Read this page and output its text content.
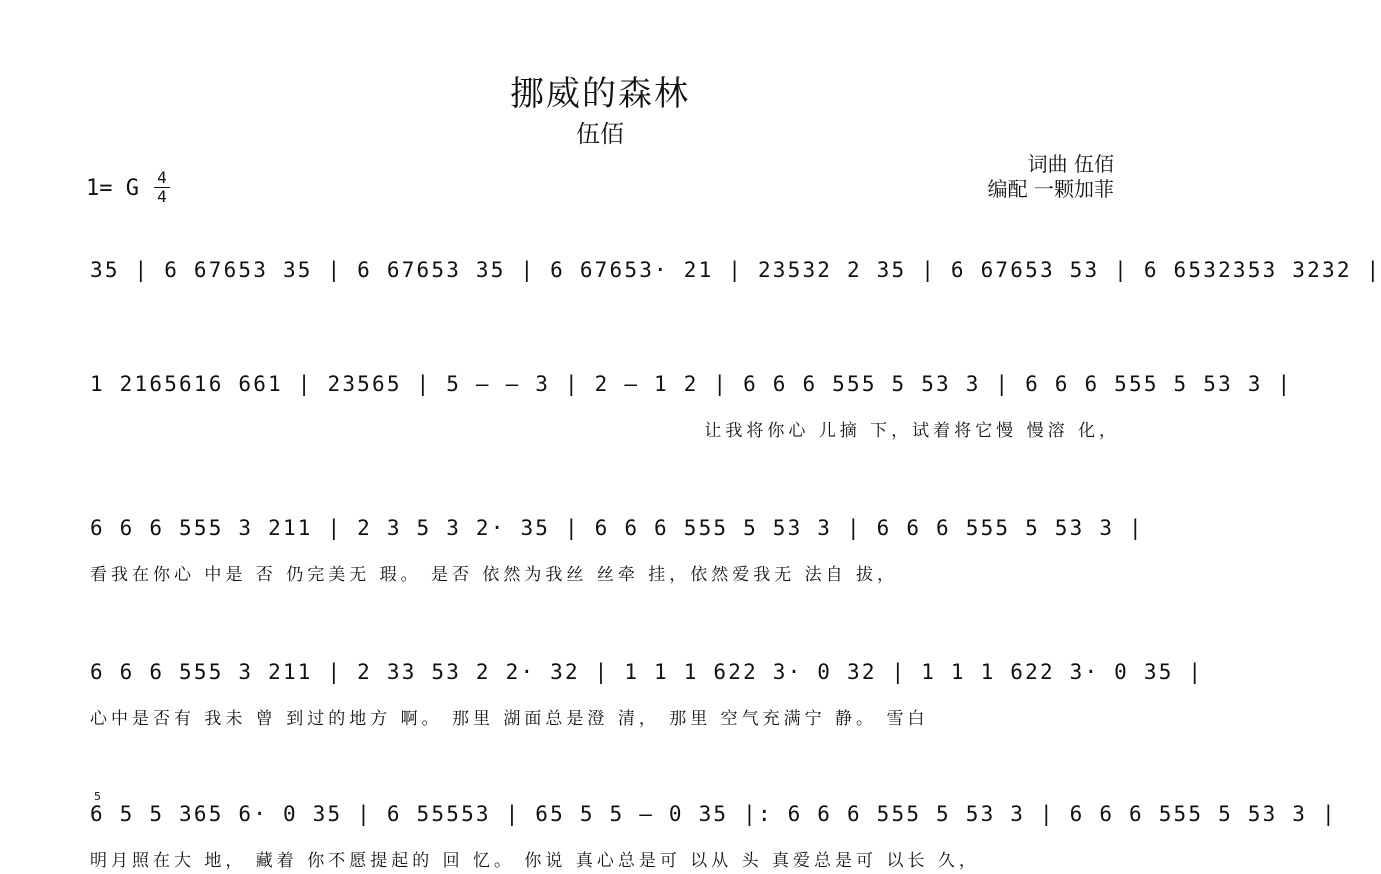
挪威的森林
伍佰
词曲 伍佰
编配 一颗加菲
1= G	4
4
35 | 6 67653 35 | 6 67653 35 | 6 67653· 21 | 23532 2 35 | 6 67653 53 | 6 6532353 3232 |
1 2165616 661 | 23565 | 5 — — 3 | 2 — 1 2 | 6 6 6 555 5 53 3 | 6 6 6 555 5 53 3 |
让我将你心 儿摘 下，试着将它慢 慢溶 化，
6 6 6 555 3 211 | 2 3 5 3 2· 35 | 6 6 6 555 5 53 3 | 6 6 6 555 5 53 3 |
看我在你心 中是 否 仍完美无 瑕。 是否 依然为我丝 丝牵 挂，依然爱我无 法自 拔，
6 6 6 555 3 211 | 2 33 53 2 2· 32 | 1 1 1 622 3· 0 32 | 1 1 1 622 3· 0 35 |
心中是否有 我未 曾 到过的地方 啊。 那里 湖面总是澄 清， 那里 空气充满宁 静。 雪白
5
6 5 5 365 6· 0 35 | 6 55553 | 65 5 5 — 0 35 |: 6 6 6 555 5 53 3 | 6 6 6 555 5 53 3 |
明月照在大 地， 藏着 你不愿提起的 回 忆。 你说 真心总是可 以从 头 真爱总是可 以长 久，
